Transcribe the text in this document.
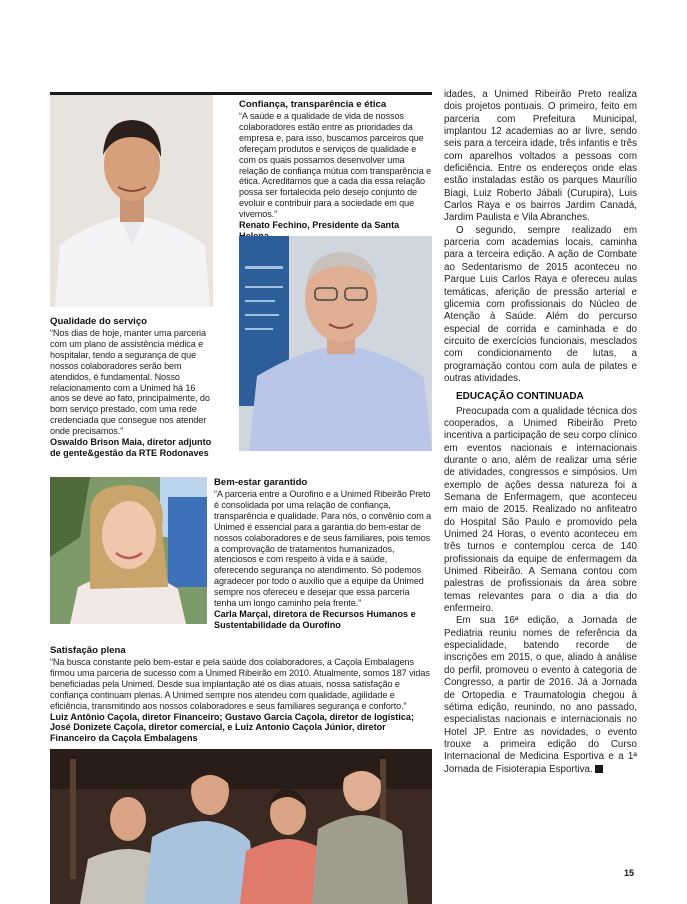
Confiança, transparência e ética
“A saúde e a qualidade de vida de nossos colaboradores estão entre as prioridades da empresa e, para isso, buscamos parceiros que ofereçam produtos e serviços de qualidade e com os quais possamos desenvolver uma relação de confiança mútua com transparência e ética. Acreditamos que a cada dia essa relação possa ser fortalecida pelo desejo conjunto de evoluir e contribuir para a sociedade em que vivemos.”
Renato Fechino, Presidente da Santa
Qualidade do serviço
“Nos dias de hoje, manter uma parceria com um plano de assistência médica e hospitalar, tendo a segurança de que nossos colaboradores serão bem atendidos, é fundamental. Nosso relacionamento com a Unimed há 16 anos se deve ao fato, principalmente, do bom serviço prestado, com uma rede credenciada que consegue nos atender onde precisamos.”
Oswaldo Brison Maia, diretor adjunto de gente&gestão da RTE Rodonaves
Bem-estar garantido
“A parceria entre a Ourofino e a Unimed Ribeirão Preto é consolidada por uma relação de confiança, transparência e qualidade. Para nós, o convênio com a Unimed é essencial para a garantia do bem-estar de nossos colaboradores e de seus familiares, pois temos a comprovação de tratamentos humanizados, atenciosos e com respeito à vida e à saúde, oferecendo segurança no atendimento. Só podemos agradecer por todo o auxílio que a equipe da Unimed sempre nos ofereceu e desejar que essa parceria tenha um longo caminho pela frente.”
Carla Marçal, diretora de Recursos Humanos e Sustentabilidade da Ourofino
Satisfação plena
“Na busca constante pelo bem-estar e pela saúde dos colaboradores, a Caçola Embalagens firmou uma parceria de sucesso com a Unimed Ribeirão em 2010. Atualmente, somos 187 vidas beneficiadas pela Unimed. Desde sua implantação até os dias atuais, nossa satisfação e confiança continuam plenas. A Unimed sempre nos atendeu com qualidade, agilidade e eficiência, transmitindo aos nossos colaboradores e seus familiares segurança e conforto.”
Luiz Antônio Caçola, diretor Financeiro; Gustavo Garcia Caçola, diretor de logística; José Donizete Caçola, diretor comercial, e Luiz Antonio Caçola Júnior, diretor Financeiro da Caçola Embalagens

idades, a Unimed Ribeirão Preto realiza dois projetos pontuais. O primeiro, feito em parceria com Prefeitura Municipal, implantou 12 academias ao ar livre, sendo seis para a terceira idade, três infantis e três com aparelhos voltados a pessoas com deficiência. Entre os endereços onde elas estão instaladas estão os parques Maurílio Biagi, Luiz Roberto Jábali (Curupira), Luis Carlos Raya e os bairros Jardim Canadá, Jardim Paulista e Vila Abranches.

O segundo, sempre realizado em parceria com academias locais, caminha para a terceira edição. A ação de Combate ao Sedentarismo de 2015 aconteceu no Parque Luis Carlos Raya e ofereceu aulas temáticas, aferição de pressão arterial e glicemia com profissionais do Núcleo de Atenção à Saúde. Além do percurso especial de corrida e caminhada e do circuito de exercícios funcionais, mesclados com condicionamento de lutas, a programação contou com aula de pilates e outras atividades.

EDUCAÇÃO CONTINUADA

Preocupada com a qualidade técnica dos cooperados, a Unimed Ribeirão Preto incentiva a participação de seu corpo clínico em eventos nacionais e internacionais durante o ano, além de realizar uma série de atividades, congressos e simpósios. Um exemplo de ações dessa natureza foi a Semana de Enfermagem, que aconteceu em maio de 2015. Realizado no anfiteatro do Hospital São Paulo e promovido pela Unimed 24 Horas, o evento aconteceu em três turnos e contemplou cerca de 140 profissionais da equipe de enfermagem da Unimed Ribeirão. A Semana contou com palestras de profissionais da área sobre temas relevantes para o dia a dia do enfermeiro.

Em sua 16ª edição, a Jornada de Pediatria reuniu nomes de referência da especialidade, batendo recorde de inscrições em 2015, o que, aliado à análise do perfil, promoveu o evento à categoria de Congresso, a partir de 2016. Já a Jornada de Ortopedia e Traumatologia chegou à sétima edição, reunindo, no ano passado, especialistas nacionais e internacionais no Hotel JP. Entre as novidades, o evento trouxe a primeira edição do Curso Internacional de Medicina Esportiva e a 1ª Jornada de Fisioterapia Esportiva.

15
